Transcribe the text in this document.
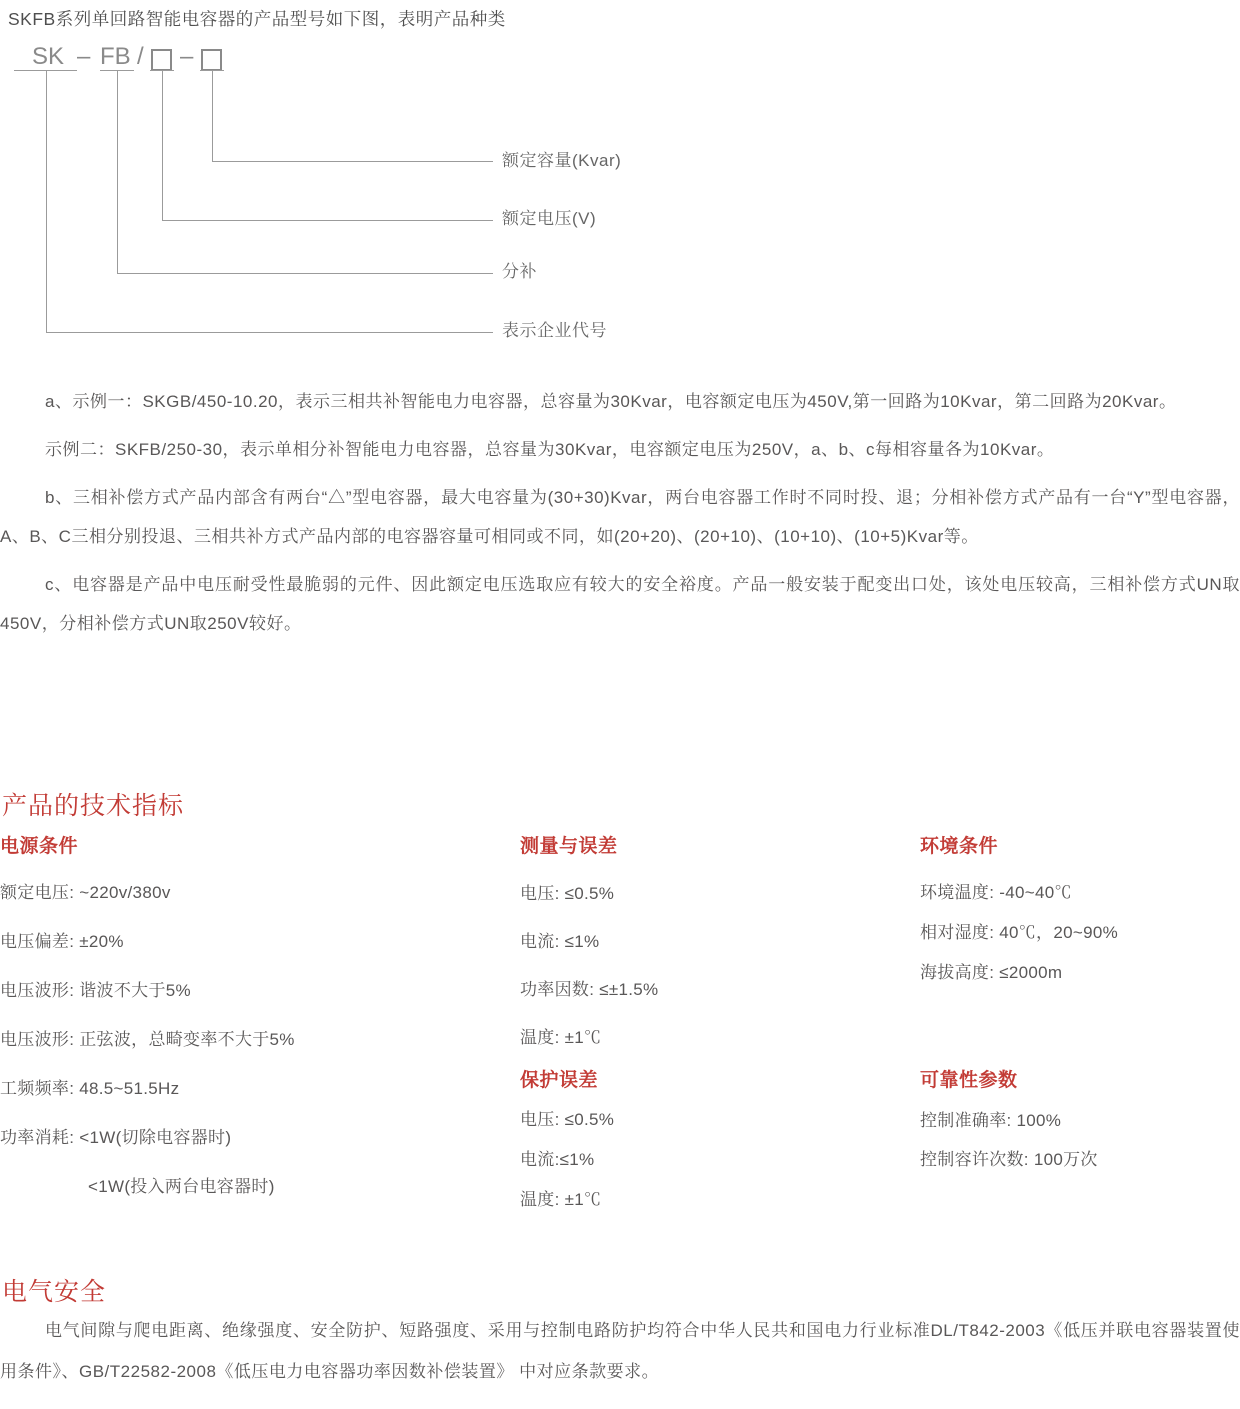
SKFB系列单回路智能电容器的产品型号如下图，表明产品种类
SK – FB / –
额定容量(Kvar)
额定电压(V)
分补
表示企业代号

a、示例一：SKGB/450-10.20，表示三相共补智能电力电容器，总容量为30Kvar，电容额定电压为450V,第一回路为10Kvar，第二回路为20Kvar。

示例二：SKFB/250-30，表示单相分补智能电力电容器，总容量为30Kvar，电容额定电压为250V，a、b、c每相容量各为10Kvar。

b、三相补偿方式产品内部含有两台“△”型电容器，最大电容量为(30+30)Kvar，两台电容器工作时不同时投、退；分相补偿方式产品有一台“Y”型电容器，A、B、C三相分别投退、三相共补方式产品内部的电容器容量可相同或不同，如(20+20)、(20+10)、(10+10)、(10+5)Kvar等。

c、电容器是产品中电压耐受性最脆弱的元件、因此额定电压选取应有较大的安全裕度。产品一般安装于配变出口处，该处电压较高，三相补偿方式UN取450V，分相补偿方式UN取250V较好。

产品的技术指标
电源条件
额定电压: ~220v/380v
电压偏差: ±20%
电压波形: 谐波不大于5%
电压波形: 正弦波，总畸变率不大于5%
工频频率: 48.5~51.5Hz
功率消耗: <1W(切除电容器时)
<1W(投入两台电容器时)
测量与误差
电压: ≤0.5%
电流: ≤1%
功率因数: ≤±1.5%
温度: ±1℃
环境条件
环境温度: -40~40℃
相对湿度: 40℃，20~90%
海拔高度: ≤2000m
保护误差
电压: ≤0.5%
电流:≤1%
温度: ±1℃
可靠性参数
控制准确率: 100%
控制容许次数: 100万次
电气安全

电气间隙与爬电距离、绝缘强度、安全防护、短路强度、采用与控制电路防护均符合中华人民共和国电力行业标准DL/T842-2003《低压并联电容器装置使用条件》、GB/T22582-2008《低压电力电容器功率因数补偿装置》 中对应条款要求。
